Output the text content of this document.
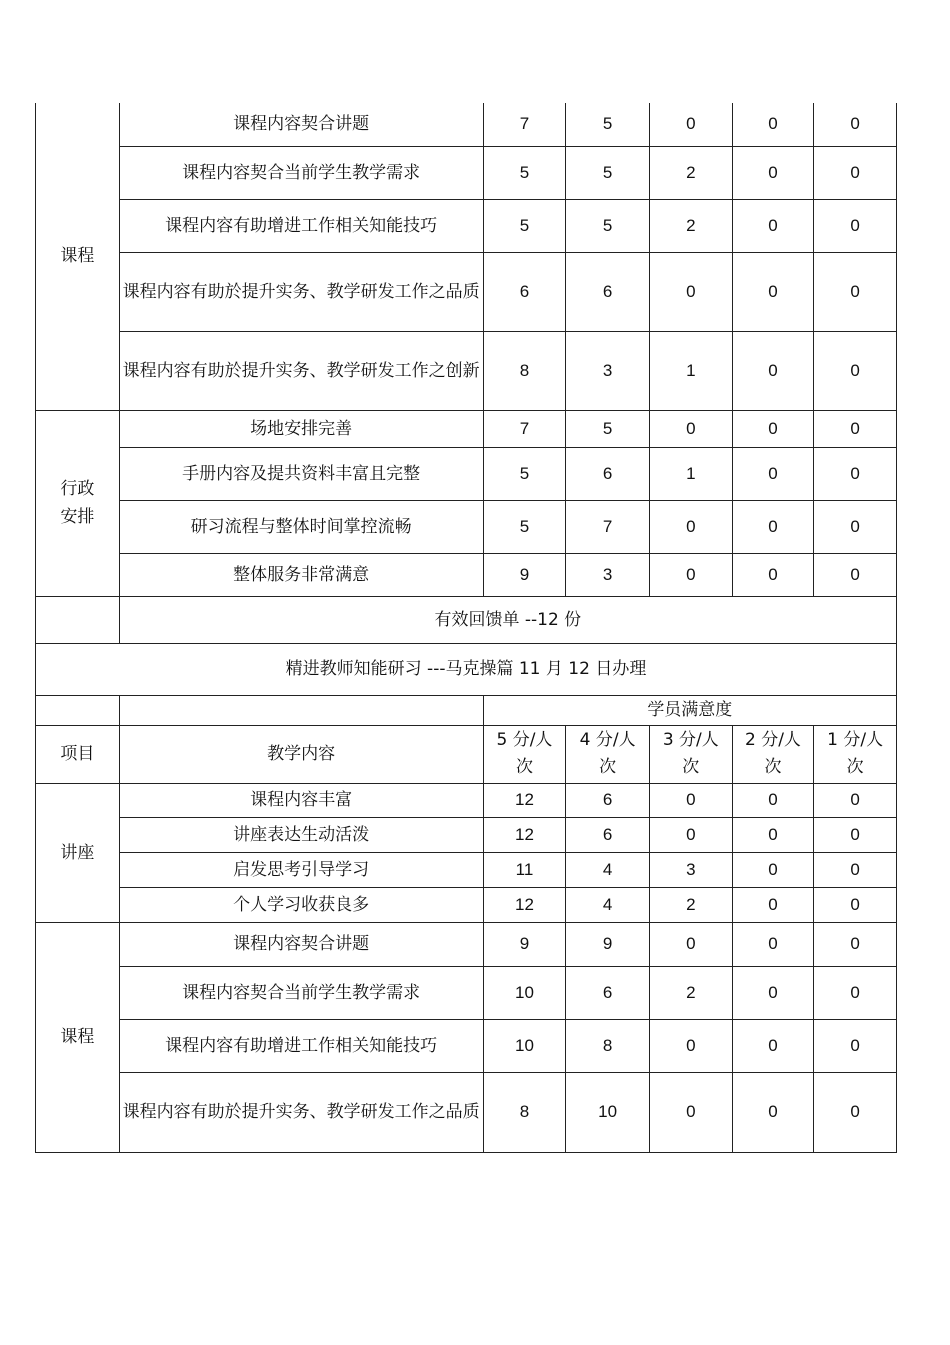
课程	课程内容契合讲题	7	5	0	0	0
	课程内容契合当前学生教学需求	5	5	2	0	0
	课程内容有助增进工作相关知能技巧	5	5	2	0	0
	课程内容有助於提升实务、教学研发工作之品质	6	6	0	0	0
	课程内容有助於提升实务、教学研发工作之创新	8	3	1	0	0
行政安排	场地安排完善	7	5	0	0	0
	手册内容及提共资料丰富且完整	5	6	1	0	0
	研习流程与整体时间掌控流畅	5	7	0	0	0
	整体服务非常满意	9	3	0	0	0
	有效回馈单 --12 份					
精进教师知能研习 ---马克操篇 11 月 12 日办理						
		学员满意度				
项目	教学内容	5 分/人次	4 分/人次	3 分/人次	2 分/人次	1 分/人次
讲座	课程内容丰富	12	6	0	0	0
	讲座表达生动活泼	12	6	0	0	0
	启发思考引导学习	11	4	3	0	0
	个人学习收获良多	12	4	2	0	0
课程	课程内容契合讲题	9	9	0	0	0
	课程内容契合当前学生教学需求	10	6	2	0	0
	课程内容有助增进工作相关知能技巧	10	8	0	0	0
	课程内容有助於提升实务、教学研发工作之品质	8	10	0	0	0
